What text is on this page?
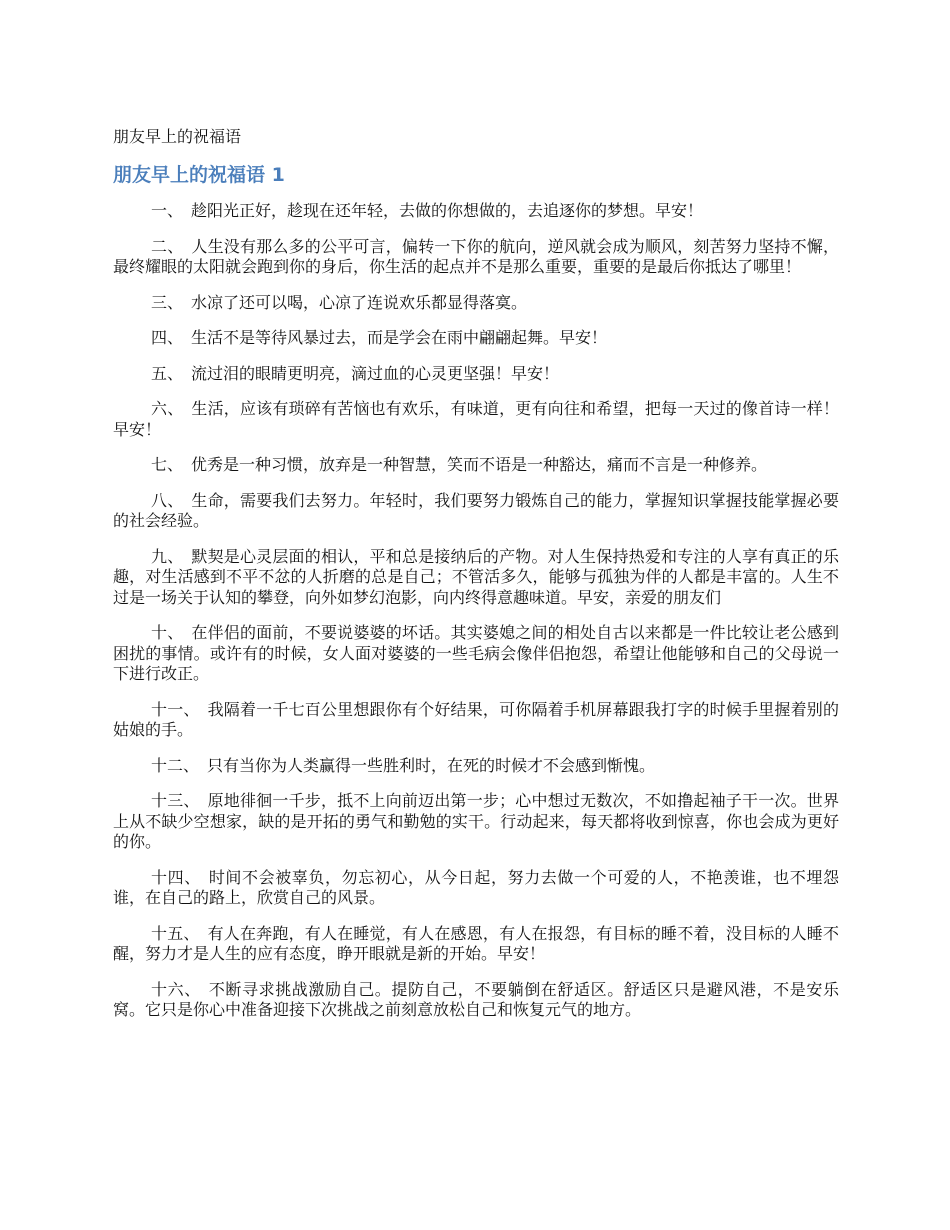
朋友早上的祝福语
朋友早上的祝福语 1

一、 趁阳光正好，趁现在还年轻，去做的你想做的，去追逐你的梦想。早安！

二、 人生没有那么多的公平可言，偏转一下你的航向，逆风就会成为顺风，刻苦努力坚持不懈，最终耀眼的太阳就会跑到你的身后，你生活的起点并不是那么重要，重要的是最后你抵达了哪里！

三、 水凉了还可以喝，心凉了连说欢乐都显得落寞。

四、 生活不是等待风暴过去，而是学会在雨中翩翩起舞。早安！

五、 流过泪的眼睛更明亮，滴过血的心灵更坚强！早安！

六、 生活，应该有琐碎有苦恼也有欢乐，有味道，更有向往和希望，把每一天过的像首诗一样！早安！

七、 优秀是一种习惯，放弃是一种智慧，笑而不语是一种豁达，痛而不言是一种修养。

八、 生命，需要我们去努力。年轻时，我们要努力锻炼自己的能力，掌握知识掌握技能掌握必要的社会经验。

九、 默契是心灵层面的相认，平和总是接纳后的产物。对人生保持热爱和专注的人享有真正的乐趣，对生活感到不平不忿的人折磨的总是自己；不管活多久，能够与孤独为伴的人都是丰富的。人生不过是一场关于认知的攀登，向外如梦幻泡影，向内终得意趣味道。早安，亲爱的朋友们

十、 在伴侣的面前，不要说婆婆的坏话。其实婆媳之间的相处自古以来都是一件比较让老公感到困扰的事情。或许有的时候，女人面对婆婆的一些毛病会像伴侣抱怨，希望让他能够和自己的父母说一下进行改正。

十一、 我隔着一千七百公里想跟你有个好结果，可你隔着手机屏幕跟我打字的时候手里握着别的姑娘的手。

十二、 只有当你为人类赢得一些胜利时，在死的时候才不会感到惭愧。

十三、 原地徘徊一千步，抵不上向前迈出第一步；心中想过无数次，不如撸起袖子干一次。世界上从不缺少空想家，缺的是开拓的勇气和勤勉的实干。行动起来，每天都将收到惊喜，你也会成为更好的你。

十四、 时间不会被辜负，勿忘初心，从今日起，努力去做一个可爱的人，不艳羡谁，也不埋怨谁，在自己的路上，欣赏自己的风景。

十五、 有人在奔跑，有人在睡觉，有人在感恩，有人在报怨，有目标的睡不着，没目标的人睡不醒，努力才是人生的应有态度，睁开眼就是新的开始。早安！

十六、 不断寻求挑战激励自己。提防自己，不要躺倒在舒适区。舒适区只是避风港，不是安乐窝。它只是你心中准备迎接下次挑战之前刻意放松自己和恢复元气的地方。
